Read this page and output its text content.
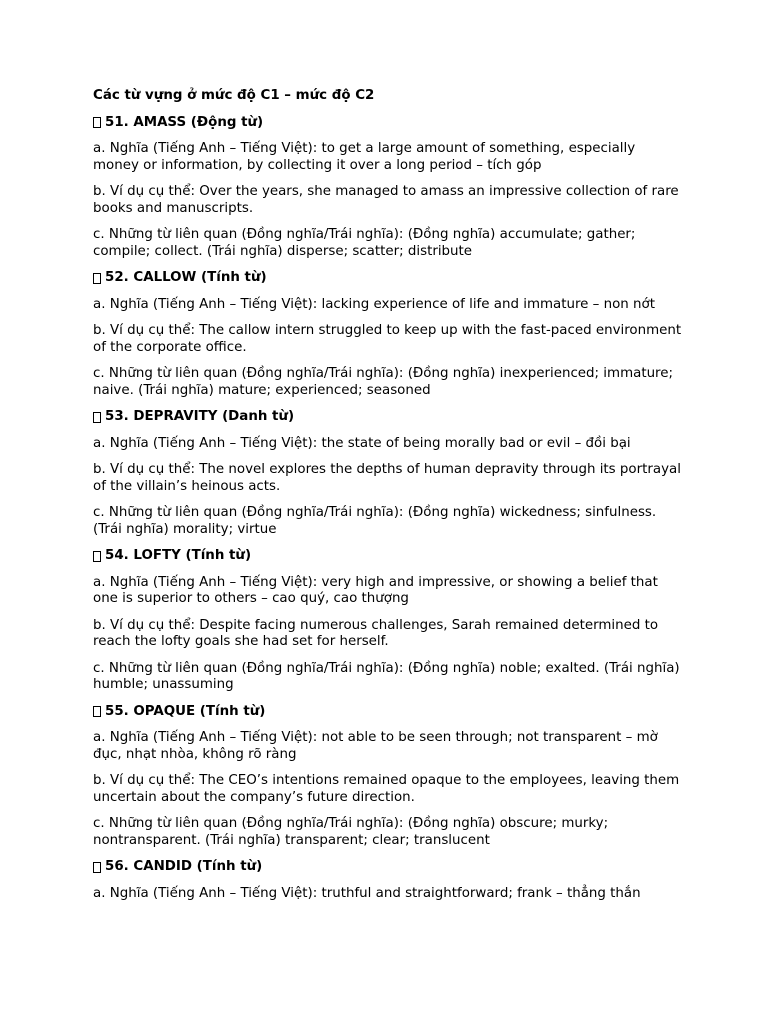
Các từ vựng ở mức độ C1 – mức độ C2
51. AMASS (Động từ)
a. Nghĩa (Tiếng Anh – Tiếng Việt): to get a large amount of something, especially money or information, by collecting it over a long period – tích góp
b. Ví dụ cụ thể: Over the years, she managed to amass an impressive collection of rare books and manuscripts.
c. Những từ liên quan (Đồng nghĩa/Trái nghĩa): (Đồng nghĩa) accumulate; gather; compile; collect. (Trái nghĩa) disperse; scatter; distribute
52. CALLOW (Tính từ)
a. Nghĩa (Tiếng Anh – Tiếng Việt): lacking experience of life and immature – non nớt
b. Ví dụ cụ thể: The callow intern struggled to keep up with the fast-paced environment of the corporate office.
c. Những từ liên quan (Đồng nghĩa/Trái nghĩa): (Đồng nghĩa) inexperienced; immature; naive. (Trái nghĩa) mature; experienced; seasoned
53. DEPRAVITY (Danh từ)
a. Nghĩa (Tiếng Anh – Tiếng Việt): the state of being morally bad or evil – đồi bại
b. Ví dụ cụ thể: The novel explores the depths of human depravity through its portrayal of the villain’s heinous acts.
c. Những từ liên quan (Đồng nghĩa/Trái nghĩa): (Đồng nghĩa) wickedness; sinfulness. (Trái nghĩa) morality; virtue
54. LOFTY (Tính từ)
a. Nghĩa (Tiếng Anh – Tiếng Việt): very high and impressive, or showing a belief that one is superior to others – cao quý, cao thượng
b. Ví dụ cụ thể: Despite facing numerous challenges, Sarah remained determined to reach the lofty goals she had set for herself.
c. Những từ liên quan (Đồng nghĩa/Trái nghĩa): (Đồng nghĩa) noble; exalted. (Trái nghĩa) humble; unassuming
55. OPAQUE (Tính từ)
a. Nghĩa (Tiếng Anh – Tiếng Việt): not able to be seen through; not transparent – mờ đục, nhạt nhòa, không rõ ràng
b. Ví dụ cụ thể: The CEO’s intentions remained opaque to the employees, leaving them uncertain about the company’s future direction.
c. Những từ liên quan (Đồng nghĩa/Trái nghĩa): (Đồng nghĩa) obscure; murky; nontransparent. (Trái nghĩa) transparent; clear; translucent
56. CANDID (Tính từ)
a. Nghĩa (Tiếng Anh – Tiếng Việt): truthful and straightforward; frank – thẳng thắn
